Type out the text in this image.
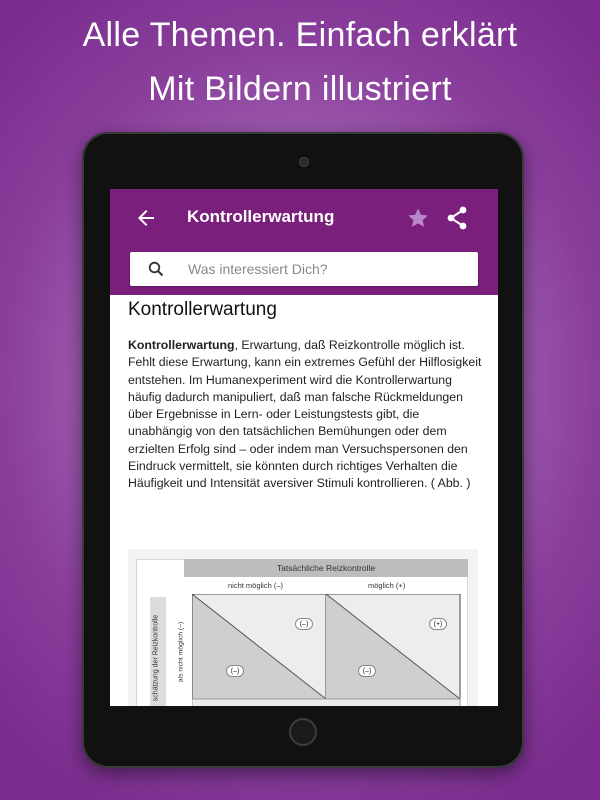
Alle Themen. Einfach erklärt
Mit Bildern illustriert
Kontrollerwartung
Was interessiert Dich?
Kontrollerwartung

Kontrollerwartung, Erwartung, daß Reizkontrolle möglich ist. Fehlt diese Erwartung, kann ein extremes Gefühl der Hilflosigkeit entstehen. Im Humanexperiment wird die Kontrollerwartung häufig dadurch manipuliert, daß man falsche Rückmeldungen über Ergebnisse in Lern- oder Leistungstests gibt, die unabhängig von den tatsächlichen Bemühungen oder dem erzielten Erfolg sind – oder indem man Versuchspersonen den Eindruck vermittelt, sie könnten durch richtiges Verhalten die Häufigkeit und Intensität aversiver Stimuli kontrollieren. ( Abb. )

Tatsächliche Reizkontrolle
nicht möglich (–)	möglich (+)
schätzung der Reizkontrolle	als nicht möglich (–)	(–)	(+)
(–)	(–)
